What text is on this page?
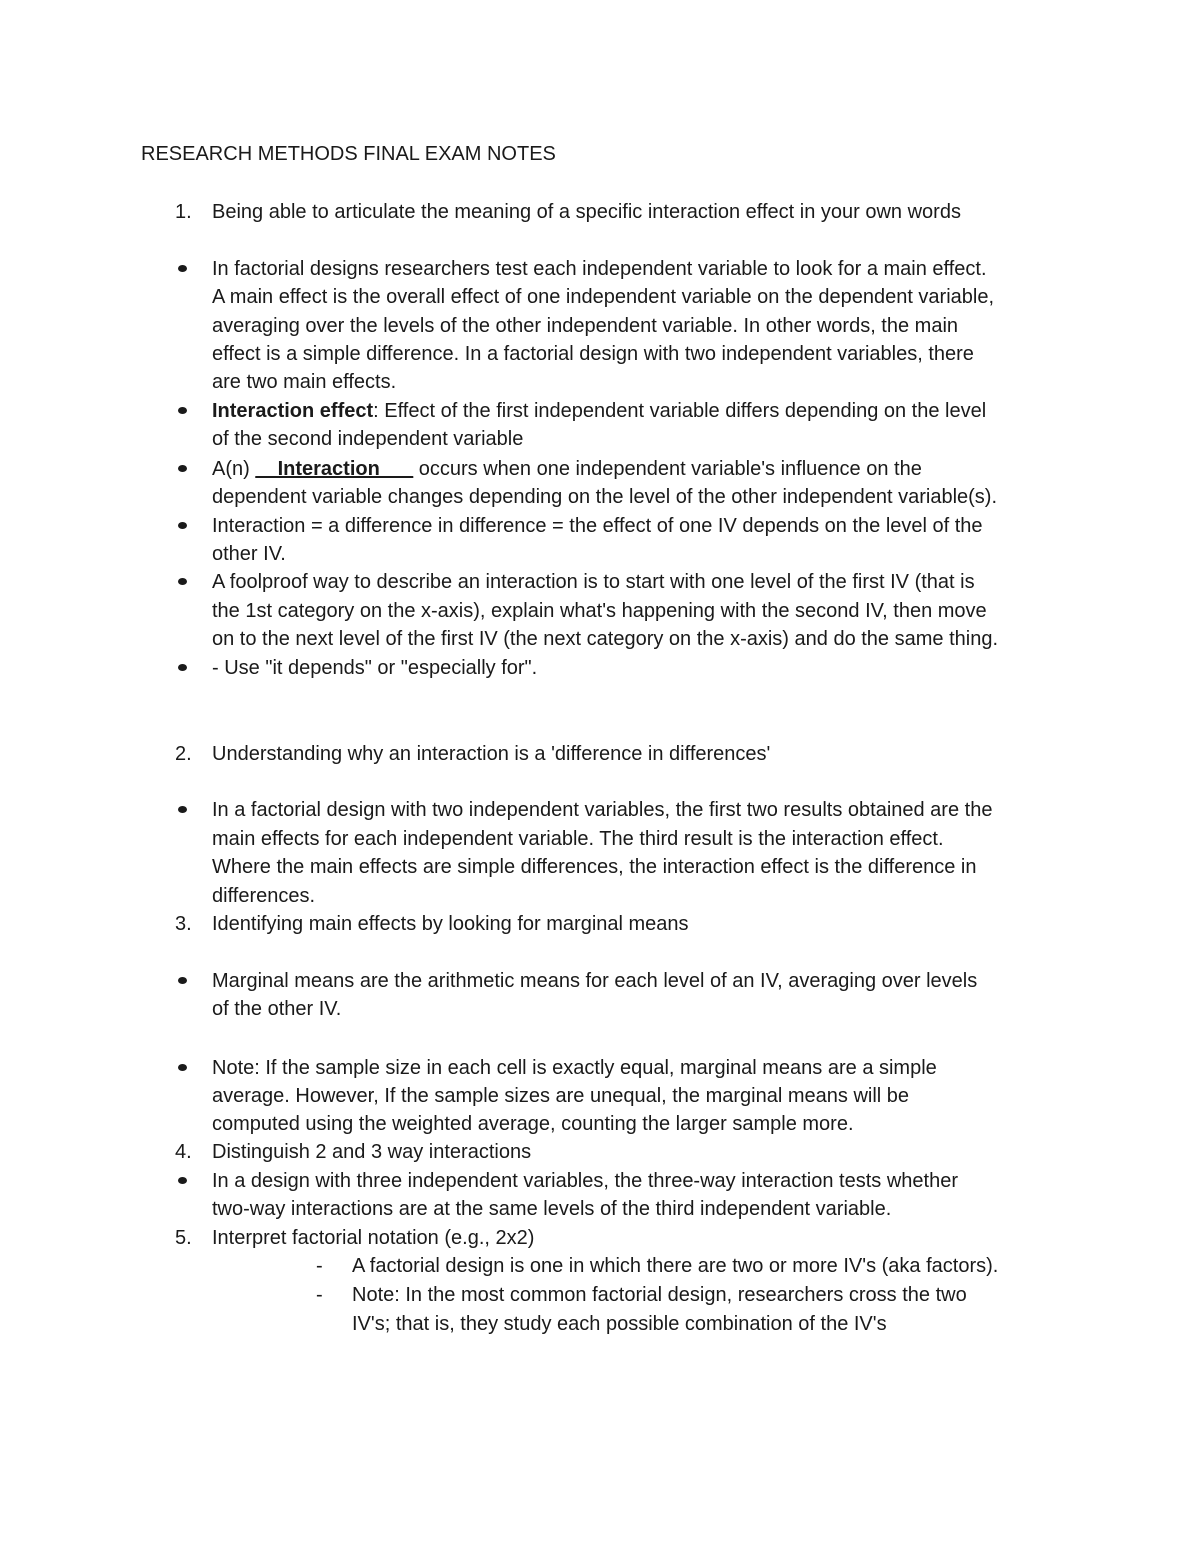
RESEARCH METHODS FINAL EXAM NOTES
1. Being able to articulate the meaning of a specific interaction effect in your own words
In factorial designs researchers test each independent variable to look for a main effect.
A main effect is the overall effect of one independent variable on the dependent variable,
averaging over the levels of the other independent variable. In other words, the main
effect is a simple difference. In a factorial design with two independent variables, there
are two main effects.
Interaction effect: Effect of the first independent variable differs depending on the level
of the second independent variable
A(n) __Interaction___ occurs when one independent variable's influence on the
dependent variable changes depending on the level of the other independent variable(s).
Interaction = a difference in difference = the effect of one IV depends on the level of the
other IV.
A foolproof way to describe an interaction is to start with one level of the first IV (that is
the 1st category on the x-axis), explain what's happening with the second IV, then move
on to the next level of the first IV (the next category on the x-axis) and do the same thing.
- Use "it depends" or "especially for".
2. Understanding why an interaction is a 'difference in differences'
In a factorial design with two independent variables, the first two results obtained are the
main effects for each independent variable. The third result is the interaction effect.
Where the main effects are simple differences, the interaction effect is the difference in
differences.
3. Identifying main effects by looking for marginal means
Marginal means are the arithmetic means for each level of an IV, averaging over levels
of the other IV.
Note: If the sample size in each cell is exactly equal, marginal means are a simple
average. However, If the sample sizes are unequal, the marginal means will be
computed using the weighted average, counting the larger sample more.
4. Distinguish 2 and 3 way interactions
In a design with three independent variables, the three-way interaction tests whether
two-way interactions are at the same levels of the third independent variable.
5. Interpret factorial notation (e.g., 2x2)
- A factorial design is one in which there are two or more IV's (aka factors).
- Note: In the most common factorial design, researchers cross the two
IV's; that is, they study each possible combination of the IV's
